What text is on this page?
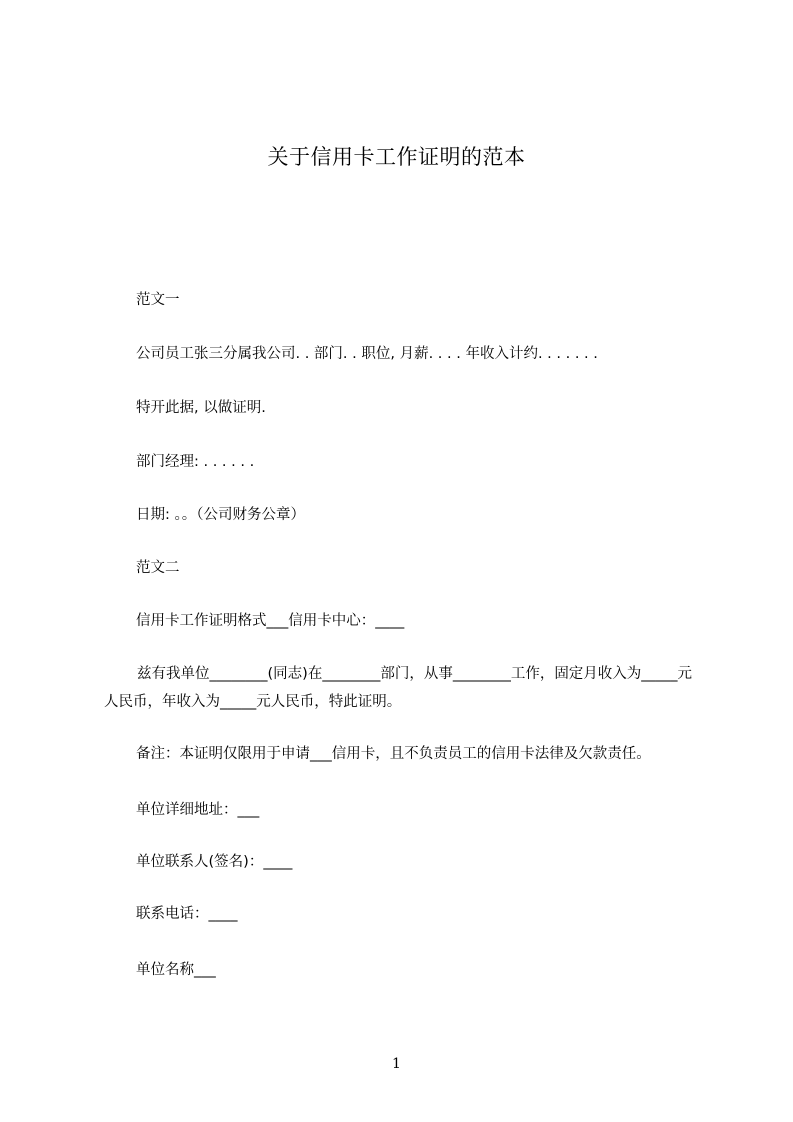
关于信用卡工作证明的范本
范文一
公司员工张三分属我公司. . 部门. . 职位, 月薪. . . . 年收入计约. . . . . . .
特开此据, 以做证明.
部门经理: . . . . . .
日期: 。。（公司财务公章）
范文二
信用卡工作证明格式___信用卡中心：____
兹有我单位________(同志)在________部门，从事________工作，固定月收入为_____元人民币，年收入为_____元人民币，特此证明。
备注：本证明仅限用于申请___信用卡，且不负责员工的信用卡法律及欠款责任。
单位详细地址：___
单位联系人(签名)：____
联系电话：____
单位名称___
1
